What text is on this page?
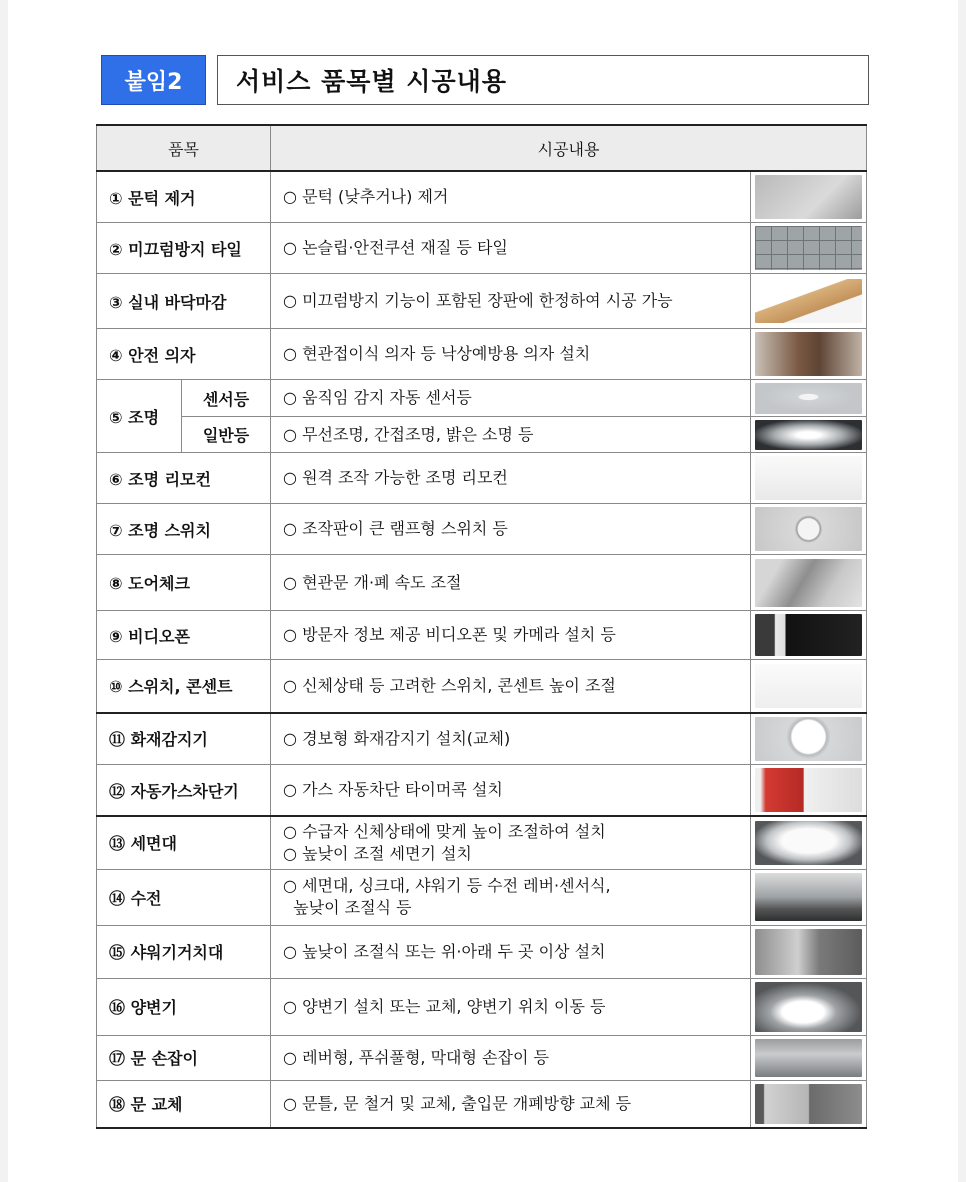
붙임2	서비스 품목별 시공내용
품목		시공내용	
① 문턱 제거		○ 문턱 (낮추거나) 제거	

② 미끄럼방지 타일		○ 논슬립·안전쿠션 재질 등 타일	

③ 실내 바닥마감		○ 미끄럼방지 기능이 포함된 장판에 한정하여 시공 가능	

④ 안전 의자		○ 현관접이식 의자 등 낙상예방용 의자 설치	

⑤ 조명	센서등	○ 움직임 감지 자동 센서등	

	일반등	○ 무선조명, 간접조명, 밝은 소명 등	

⑥ 조명 리모컨		○ 원격 조작 가능한 조명 리모컨	

⑦ 조명 스위치		○ 조작판이 큰 램프형 스위치 등	

⑧ 도어체크		○ 현관문 개·폐 속도 조절	

⑨ 비디오폰		○ 방문자 정보 제공 비디오폰 및 카메라 설치 등	

⑩ 스위치, 콘센트		○ 신체상태 등 고려한 스위치, 콘센트 높이 조절	

⑪ 화재감지기		○ 경보형 화재감지기 설치(교체)	

⑫ 자동가스차단기		○ 가스 자동차단 타이머콕 설치	

⑬ 세면대		○ 수급자 신체상태에 맞게 높이 조절하여 설치
○ 높낮이 조절 세면기 설치	

⑭ 수전		○ 세면대, 싱크대, 샤워기 등 수전 레버·센서식,
높낮이 조절식 등	

⑮ 샤워기거치대		○ 높낮이 조절식 또는 위·아래 두 곳 이상 설치	

⑯ 양변기		○ 양변기 설치 또는 교체, 양변기 위치 이동 등	

⑰ 문 손잡이		○ 레버형, 푸쉬풀형, 막대형 손잡이 등	

⑱ 문 교체		○ 문틀, 문 철거 및 교체, 출입문 개폐방향 교체 등	
